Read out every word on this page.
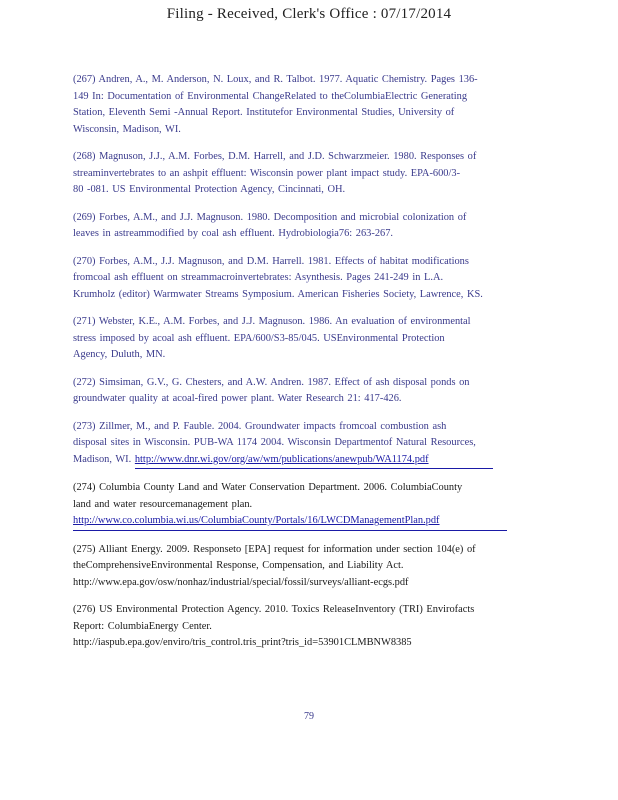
Filing - Received, Clerk's Office : 07/17/2014
(267) Andren, A., M. Anderson, N. Loux, and R. Talbot. 1977. Aquatic Chemistry. Pages 136-
149 In: Documentation of Environmental ChangeRelated to theColumbiaElectric Generating
Station, Eleventh Semi -Annual Report. Institutefor Environmental Studies, University of
Wisconsin, Madison, WI.
(268) Magnuson, J.J., A.M. Forbes, D.M. Harrell, and J.D. Schwarzmeier. 1980. Responses of
streaminvertebrates to an ashpit effluent: Wisconsin power plant impact study. EPA-600/3-
80 -081. US Environmental Protection Agency, Cincinnati, OH.
(269) Forbes, A.M., and J.J. Magnuson. 1980. Decomposition and microbial colonization of
leaves in astreammodified by coal ash effluent. Hydrobiologia76: 263-267.
(270) Forbes, A.M., J.J. Magnuson, and D.M. Harrell. 1981. Effects of habitat modifications
fromcoal ash effluent on streammacroinvertebrates: Asynthesis. Pages 241-249 in L.A.
Krumholz (editor) Warmwater Streams Symposium. American Fisheries Society, Lawrence, KS.
(271) Webster, K.E., A.M. Forbes, and J.J. Magnuson. 1986. An evaluation of environmental
stress imposed by acoal ash effluent. EPA/600/S3-85/045. USEnvironmental Protection
Agency, Duluth, MN.
(272) Simsiman, G.V., G. Chesters, and A.W. Andren. 1987. Effect of ash disposal ponds on
groundwater quality at acoal-fired power plant. Water Research 21: 417-426.
(273) Zillmer, M., and P. Fauble. 2004. Groundwater impacts fromcoal combustion ash
disposal sites in Wisconsin. PUB-WA 1174 2004. Wisconsin Departmentof Natural Resources,
Madison, WI. http://www.dnr.wi.gov/org/aw/wm/publications/anewpub/WA1174.pdf
(274) Columbia County Land and Water Conservation Department. 2006. ColumbiaCounty
land and water resourcemanagement plan.
http://www.co.columbia.wi.us/ColumbiaCounty/Portals/16/LWCDManagementPlan.pdf
(275) Alliant Energy. 2009. Responseto [EPA] request for information under section 104(e) of
theComprehensiveEnvironmental Response, Compensation, and Liability Act.
http://www.epa.gov/osw/nonhaz/industrial/special/fossil/surveys/alliant-ecgs.pdf
(276) US Environmental Protection Agency. 2010. Toxics ReleaseInventory (TRI) Envirofacts
Report: ColumbiaEnergy Center.
http://iaspub.epa.gov/enviro/tris_control.tris_print?tris_id=53901CLMBNW8385
79
